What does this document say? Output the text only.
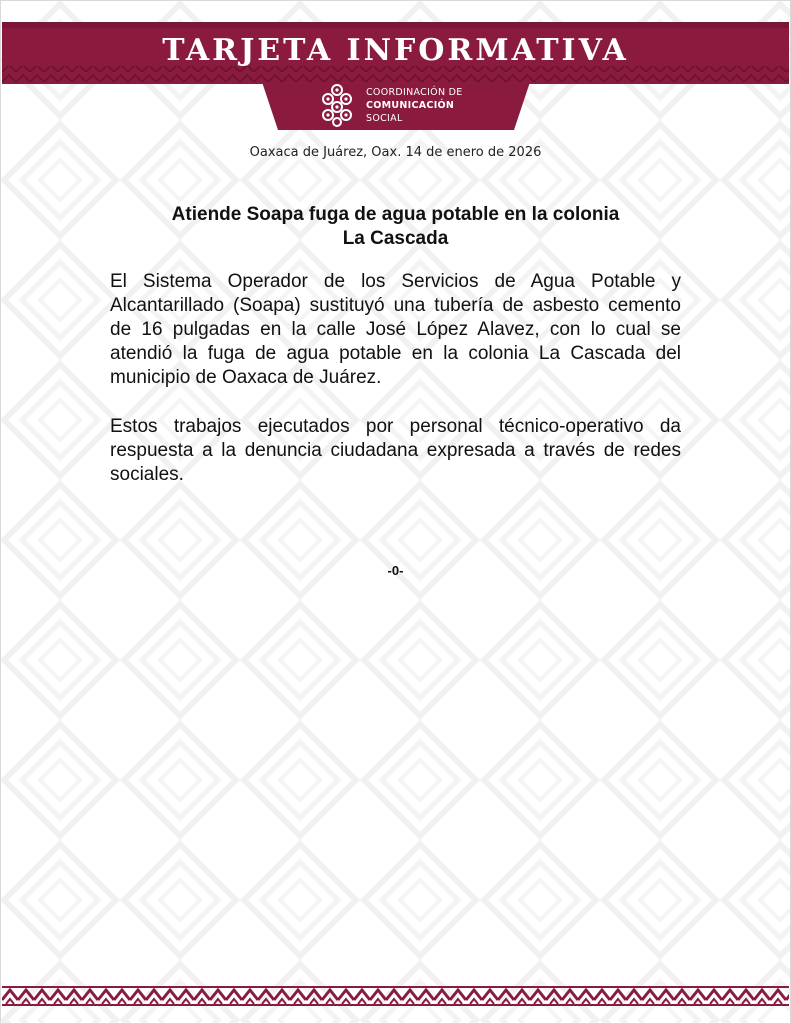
TARJETA INFORMATIVA
COORDINACIÓN DE
COMUNICACIÓN
SOCIAL
Oaxaca de Juárez, Oax. 14 de enero de 2026
Atiende Soapa fuga de agua potable en la colonia
La Cascada
El Sistema Operador de los Servicios de Agua Potable y Alcantarillado (Soapa) sustituyó una tubería de asbesto cemento de 16 pulgadas en la calle José López Alavez, con lo cual se atendió la fuga de agua potable en la colonia La Cascada del municipio de Oaxaca de Juárez.
Estos trabajos ejecutados por personal técnico-operativo da respuesta a la denuncia ciudadana expresada a través de redes sociales.
-0-
